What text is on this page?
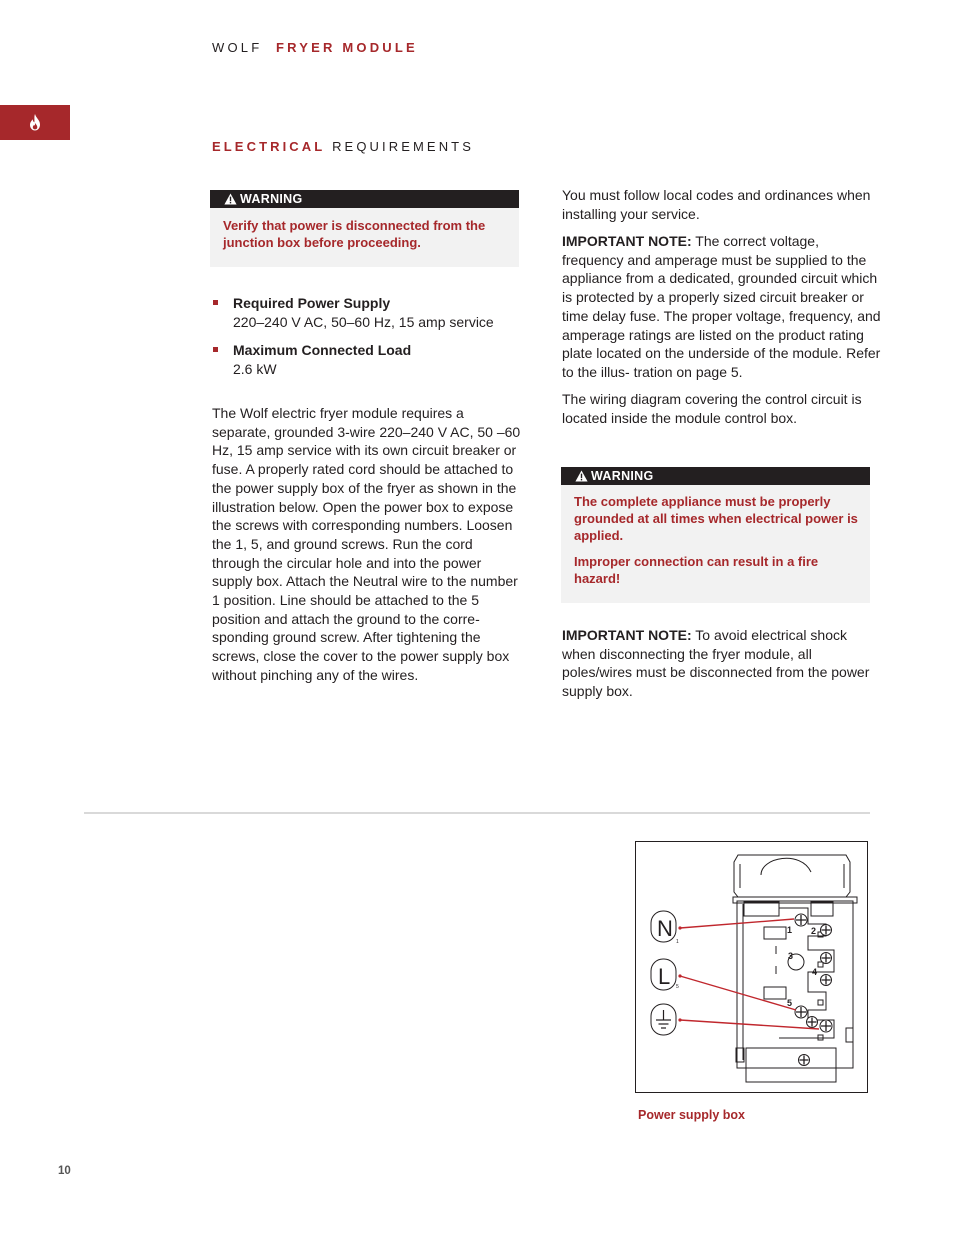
WOLF FRYER MODULE
ELECTRICAL REQUIREMENTS
WARNING

Verify that power is disconnected from the junction box before proceeding.

Required Power Supply
220–240 V AC, 50–60 Hz, 15 amp service
Maximum Connected Load
2.6 kW

The Wolf electric fryer module requires a separate, grounded 3-wire 220–240 V AC, 50 –60 Hz, 15 amp service with its own circuit breaker or fuse. A properly rated cord should be attached to the power supply box of the fryer as shown in the illustration below. Open the power box to expose the screws with corresponding numbers. Loosen the 1, 5, and ground screws. Run the cord through the circular hole and into the power supply box. Attach the Neutral wire to the number 1 position. Line should be attached to the 5 position and attach the ground to the corre- sponding ground screw. After tightening the screws, close the cover to the power supply box without pinching any of the wires.

You must follow local codes and ordinances when installing your service.

IMPORTANT NOTE: The correct voltage, frequency and amperage must be supplied to the appliance from a dedicated, grounded circuit which is protected by a properly sized circuit breaker or time delay fuse. The proper voltage, frequency, and amperage ratings are listed on the product rating plate located on the underside of the module. Refer to the illus- tration on page 5.

The wiring diagram covering the control circuit is located inside the module control box.

WARNING

The complete appliance must be properly grounded at all times when electrical power is applied.

Improper connection can result in a fire hazard!

IMPORTANT NOTE: To avoid electrical shock when disconnecting the fryer module, all poles/wires must be disconnected from the power supply box.

N
1
L 5
1 2
3
4
5
Power supply box
10
